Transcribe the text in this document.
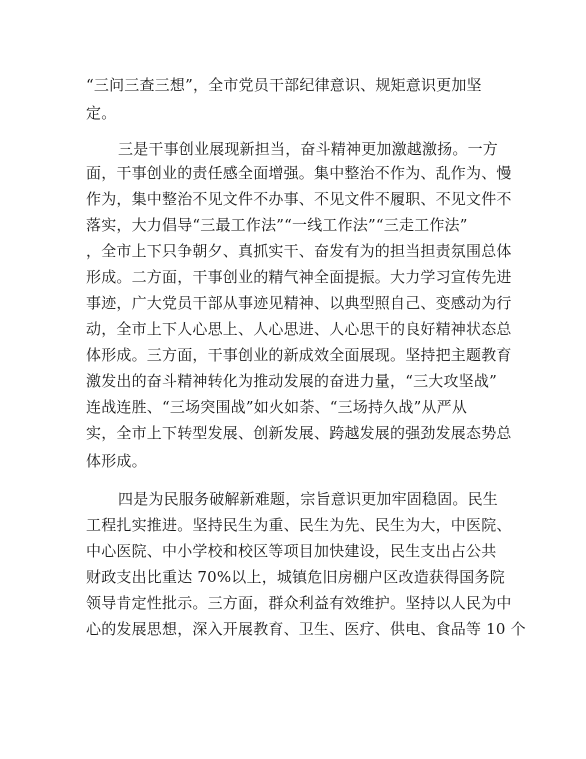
“三问三查三想”，全市党员干部纪律意识、规矩意识更加坚
定。
三是干事创业展现新担当，奋斗精神更加激越激扬。一方
面，干事创业的责任感全面增强。集中整治不作为、乱作为、慢
作为，集中整治不见文件不办事、不见文件不履职、不见文件不
落实，大力倡导“三最工作法”“一线工作法”“三走工作法”
，全市上下只争朝夕、真抓实干、奋发有为的担当担责氛围总体
形成。二方面，干事创业的精气神全面提振。大力学习宣传先进
事迹，广大党员干部从事迹见精神、以典型照自己、变感动为行
动，全市上下人心思上、人心思进、人心思干的良好精神状态总
体形成。三方面，干事创业的新成效全面展现。坚持把主题教育
激发出的奋斗精神转化为推动发展的奋进力量，“三大攻坚战”
连战连胜、“三场突围战”如火如荼、“三场持久战”从严从
实，全市上下转型发展、创新发展、跨越发展的强劲发展态势总
体形成。
四是为民服务破解新难题，宗旨意识更加牢固稳固。民生
工程扎实推进。坚持民生为重、民生为先、民生为大，中医院、
中心医院、中小学校和校区等项目加快建设，民生支出占公共
财政支出比重达 70%以上，城镇危旧房棚户区改造获得国务院
领导肯定性批示。三方面，群众利益有效维护。坚持以人民为中
心的发展思想，深入开展教育、卫生、医疗、供电、食品等 10 个
